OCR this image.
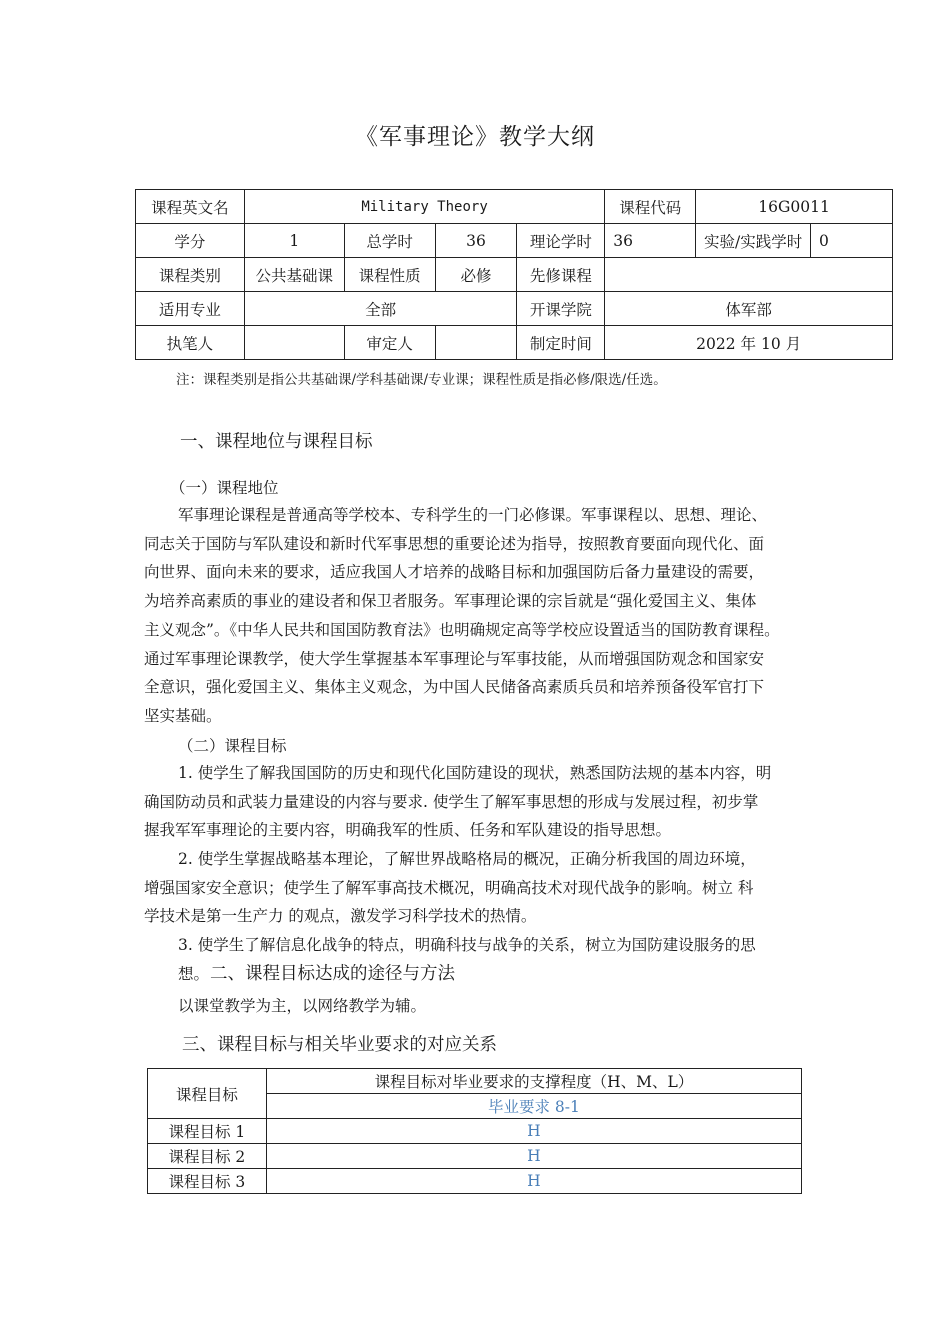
《军事理论》教学大纲
课程英文名	Military Theory				课程代码	16G0011	
学分	1	总学时	36	理论学时	36	实验/实践学时	0
课程类别	公共基础课	课程性质	必修	先修课程			
适用专业	全部			开课学院	体军部		
执笔人		审定人		制定时间	2022 年 10 月		
注：课程类别是指公共基础课/学科基础课/专业课；课程性质是指必修/限选/任选。
一、课程地位与课程目标
（一）课程地位
军事理论课程是普通高等学校本、专科学生的一门必修课。军事课程以、思想、理论、
同志关于国防与军队建设和新时代军事思想的重要论述为指导，按照教育要面向现代化、面
向世界、面向未来的要求，适应我国人才培养的战略目标和加强国防后备力量建设的需要，
为培养高素质的事业的建设者和保卫者服务。军事理论课的宗旨就是“强化爱国主义、集体
主义观念”。《中华人民共和国国防教育法》也明确规定高等学校应设置适当的国防教育课程。
通过军事理论课教学，使大学生掌握基本军事理论与军事技能，从而增强国防观念和国家安
全意识，强化爱国主义、集体主义观念，为中国人民储备高素质兵员和培养预备役军官打下
坚实基础。
（二）课程目标
1. 使学生了解我国国防的历史和现代化国防建设的现状，熟悉国防法规的基本内容，明
确国防动员和武装力量建设的内容与要求. 使学生了解军事思想的形成与发展过程，初步掌
握我军军事理论的主要内容，明确我军的性质、任务和军队建设的指导思想。
2. 使学生掌握战略基本理论，了解世界战略格局的概况，正确分析我国的周边环境，
增强国家安全意识；使学生了解军事高技术概况，明确高技术对现代战争的影响。树立 科
学技术是第一生产力 的观点，激发学习科学技术的热情。
3. 使学生了解信息化战争的特点，明确科技与战争的关系，树立为国防建设服务的思
想。 二、课程目标达成的途径与方法
以课堂教学为主，以网络教学为辅。
三、课程目标与相关毕业要求的对应关系
课程目标	课程目标对毕业要求的支撑程度（H、M、L）
	毕业要求 8-1
课程目标 1	H
课程目标 2	H
课程目标 3	H
